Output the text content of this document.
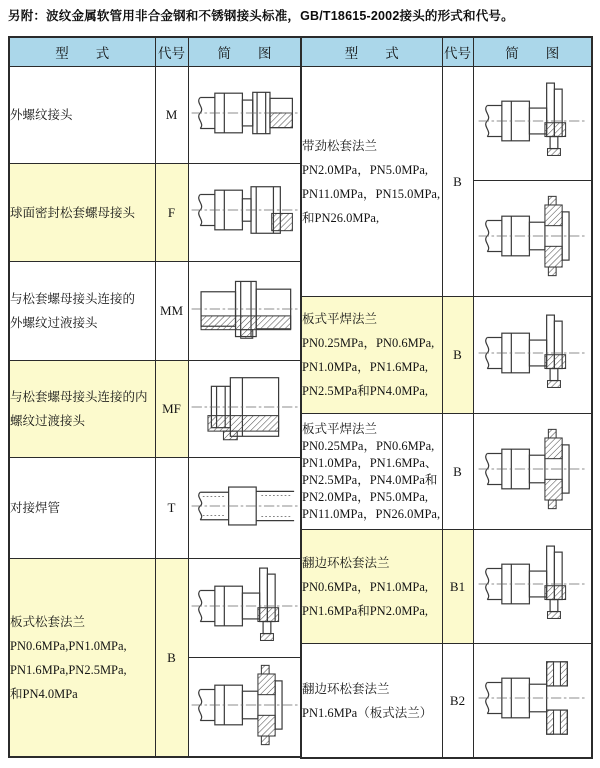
另附：波纹金属软管用非合金钢和不锈钢接头标准，GB/T18615-2002接头的形式和代号。
型　　式	代号	简　　图

外螺纹接头	M	

球面密封松套螺母接头	F	

与松套螺母接头连接的
外螺纹过液接头	MM	

与松套螺母接头连接的内
螺纹过渡接头	MF	

对接焊管	T	

板式松套法兰
PN0.6MPa,PN1.0MPa,
PN1.6MPa,PN2.5MPa,
和PN4.0MPa	B	

型　　式	代号	简　　图

带劲松套法兰
PN2.0MPa，PN5.0MPa,
PN11.0MPa，PN15.0MPa,
和PN26.0MPa,	B	

板式平焊法兰
PN0.25MPa，PN0.6MPa,
PN1.0MPa，PN1.6MPa,
PN2.5MPa和PN4.0MPa,	B	

板式平焊法兰
PN0.25MPa，PN0.6MPa,
PN1.0MPa，PN1.6MPa、
PN2.5MPa，PN4.0MPa和
PN2.0MPa，PN5.0MPa,
PN11.0MPa，PN26.0MPa,
	B	

翻边环松套法兰
PN0.6MPa，PN1.0MPa,
PN1.6MPa和PN2.0MPa,	B1	

翻边环松套法兰
PN1.6MPa（板式法兰）	B2	
